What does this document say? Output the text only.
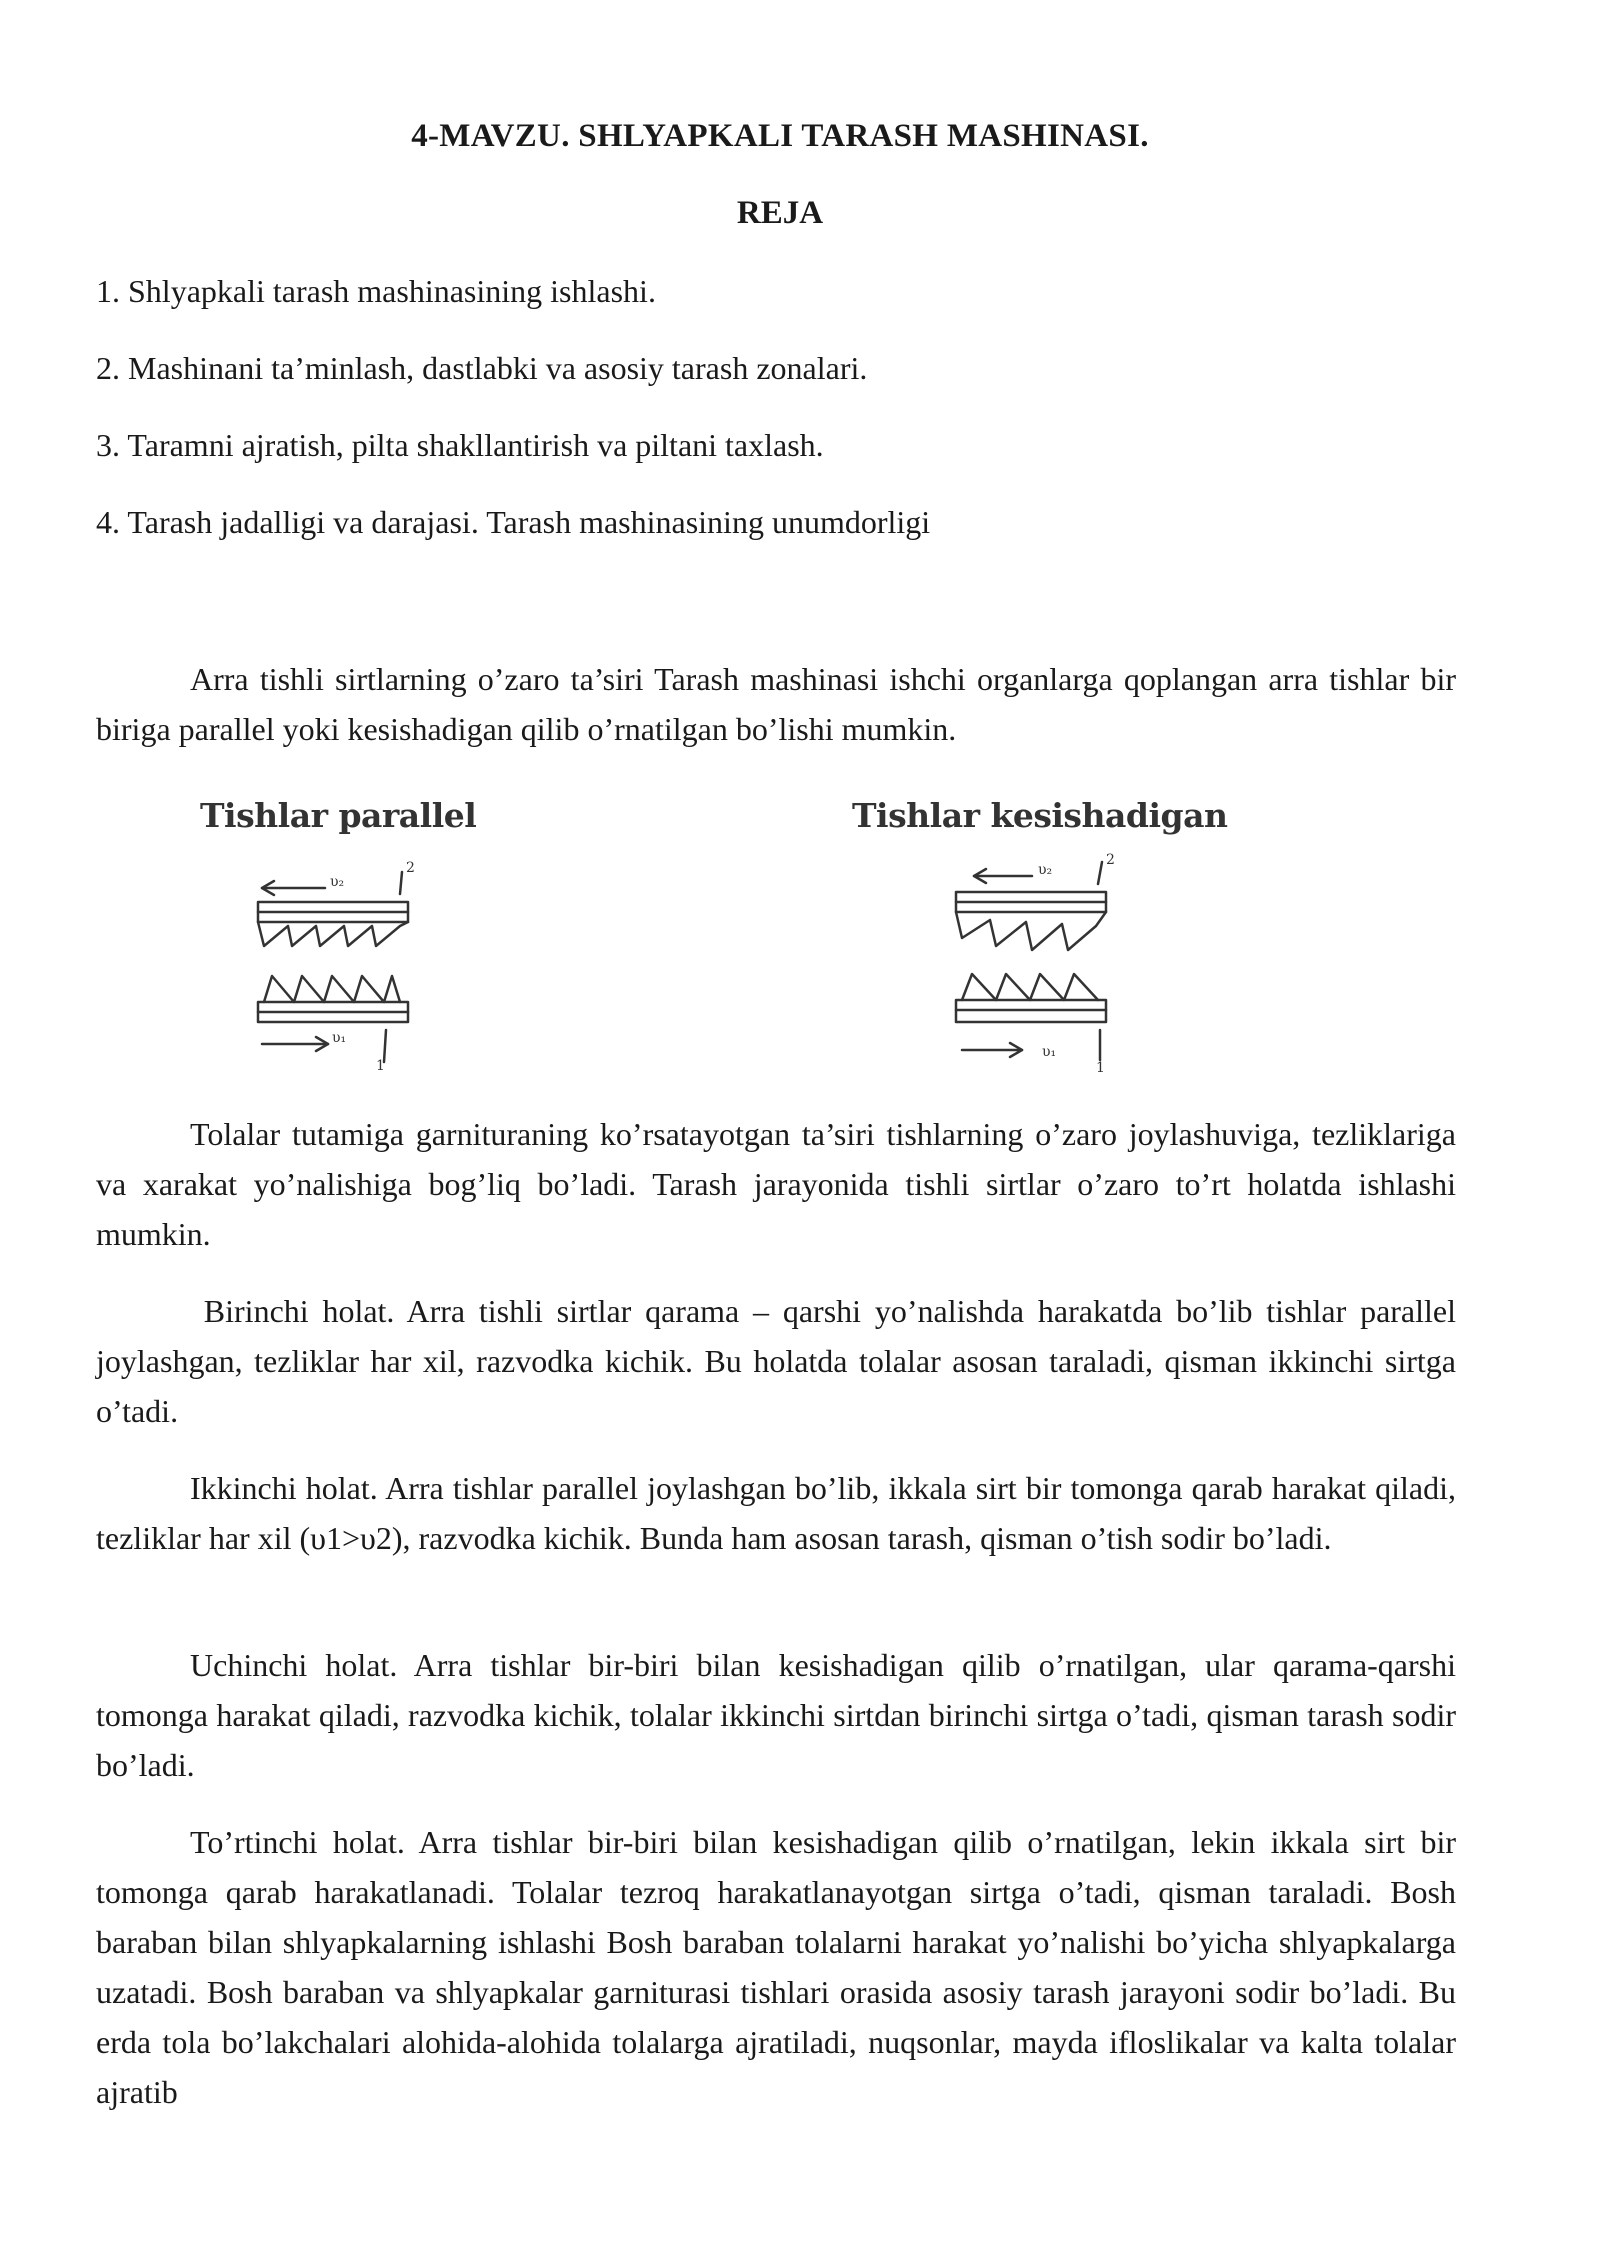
4-MAVZU. SHLYAPKALI TARASH MASHINASI.
REJA
1. Shlyapkali tarash mashinasining ishlashi.
2. Mashinani ta’minlash, dastlabki va asosiy tarash zonalari.
3. Taramni ajratish, pilta shakllantirish va piltani taxlash.
4. Tarash jadalligi va darajasi. Tarash mashinasining unumdorligi
Arra tishli sirtlarning o’zaro ta’siri Tarash mashinasi ishchi organlarga qoplangan arra tishlar bir biriga parallel yoki kesishadigan qilib o’rnatilgan bo’lishi mumkin.
Tishlar parallel
υ₂
2
υ₁
1
Tishlar kesishadigan
υ₂
2
υ₁
1
Tolalar tutamiga garnituraning ko’rsatayotgan ta’siri tishlarning o’zaro joylashuviga, tezliklariga va xarakat yo’nalishiga bog’liq bo’ladi. Tarash jarayonida tishli sirtlar o’zaro to’rt holatda ishlashi mumkin.
Birinchi holat. Arra tishli sirtlar qarama – qarshi yo’nalishda harakatda bo’lib tishlar parallel joylashgan, tezliklar har xil, razvodka kichik. Bu holatda tolalar asosan taraladi, qisman ikkinchi sirtga o’tadi.
Ikkinchi holat. Arra tishlar parallel joylashgan bo’lib, ikkala sirt bir tomonga qarab harakat qiladi, tezliklar har xil (υ1>υ2), razvodka kichik. Bunda ham asosan tarash, qisman o’tish sodir bo’ladi.
Uchinchi holat. Arra tishlar bir-biri bilan kesishadigan qilib o’rnatilgan, ular qarama-qarshi tomonga harakat qiladi, razvodka kichik, tolalar ikkinchi sirtdan birinchi sirtga o’tadi, qisman tarash sodir bo’ladi.
To’rtinchi holat. Arra tishlar bir-biri bilan kesishadigan qilib o’rnatilgan, lekin ikkala sirt bir tomonga qarab harakatlanadi. Tolalar tezroq harakatlanayotgan sirtga o’tadi, qisman taraladi. Bosh baraban bilan shlyapkalarning ishlashi Bosh baraban tolalarni harakat yo’nalishi bo’yicha shlyapkalarga uzatadi. Bosh baraban va shlyapkalar garniturasi tishlari orasida asosiy tarash jarayoni sodir bo’ladi. Bu erda tola bo’lakchalari alohida-alohida tolalarga ajratiladi, nuqsonlar, mayda ifloslikalar va kalta tolalar ajratib
